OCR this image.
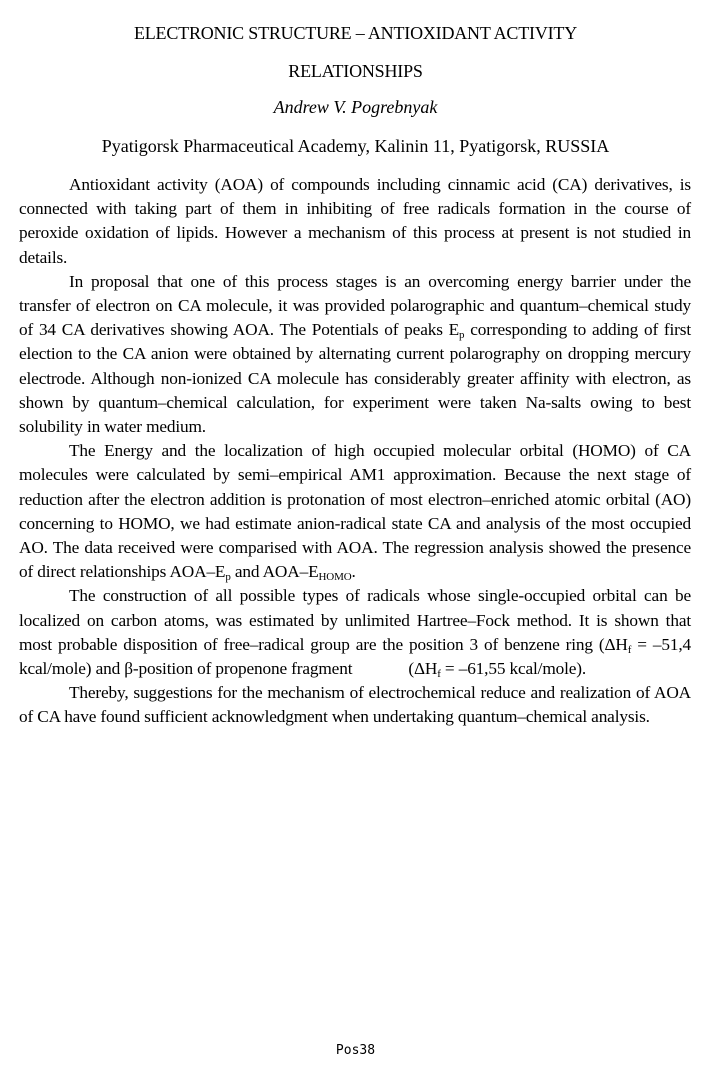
ELECTRONIC STRUCTURE – ANTIOXIDANT ACTIVITY
RELATIONSHIPS
Andrew V. Pogrebnyak
Pyatigorsk Pharmaceutical Academy, Kalinin 11, Pyatigorsk, RUSSIA

Antioxidant activity (AOA) of compounds including cinnamic acid (CA) derivatives, is connected with taking part of them in inhibiting of free radicals formation in the course of peroxide oxidation of lipids. However a mechanism of this process at present is not studied in details.

In proposal that one of this process stages is an overcoming energy barrier under the transfer of electron on CA molecule, it was provided polarographic and quantum–chemical study of 34 CA derivatives showing AOA. The Potentials of peaks $E_p$ corresponding to adding of first election to the CA anion were obtained by alternating current polarography on dropping mercury electrode. Although non-ionized CA molecule has considerably greater affinity with electron, as shown by quantum–chemical calculation, for experiment were taken Na-salts owing to best solubility in water medium.

The Energy and the localization of high occupied molecular orbital (HOMO) of CA molecules were calculated by semi–empirical AM1 approximation. Because the next stage of reduction after the electron addition is protonation of most electron–enriched atomic orbital (AO) concerning to HOMO, we had estimate anion-radical state CA and analysis of the most occupied AO. The data received were comparised with AOA. The regression analysis showed the presence of direct relationships AOA–$E_p$ and AOA–$E_{HOMO}$.

The construction of all possible types of radicals whose single-occupied orbital can be localized on carbon atoms, was estimated by unlimited Hartree–Fock method. It is shown that most probable disposition of free–radical group are the position 3 of benzene ring ($\Delta H_f = -51,4$ kcal/mole) and β-position of propenone fragment	($\Delta H_f = -61,55$ kcal/mole).

Thereby, suggestions for the mechanism of electrochemical reduce and realization of AOA of CA have found sufficient acknowledgment when undertaking quantum–chemical analysis.

Pos38
